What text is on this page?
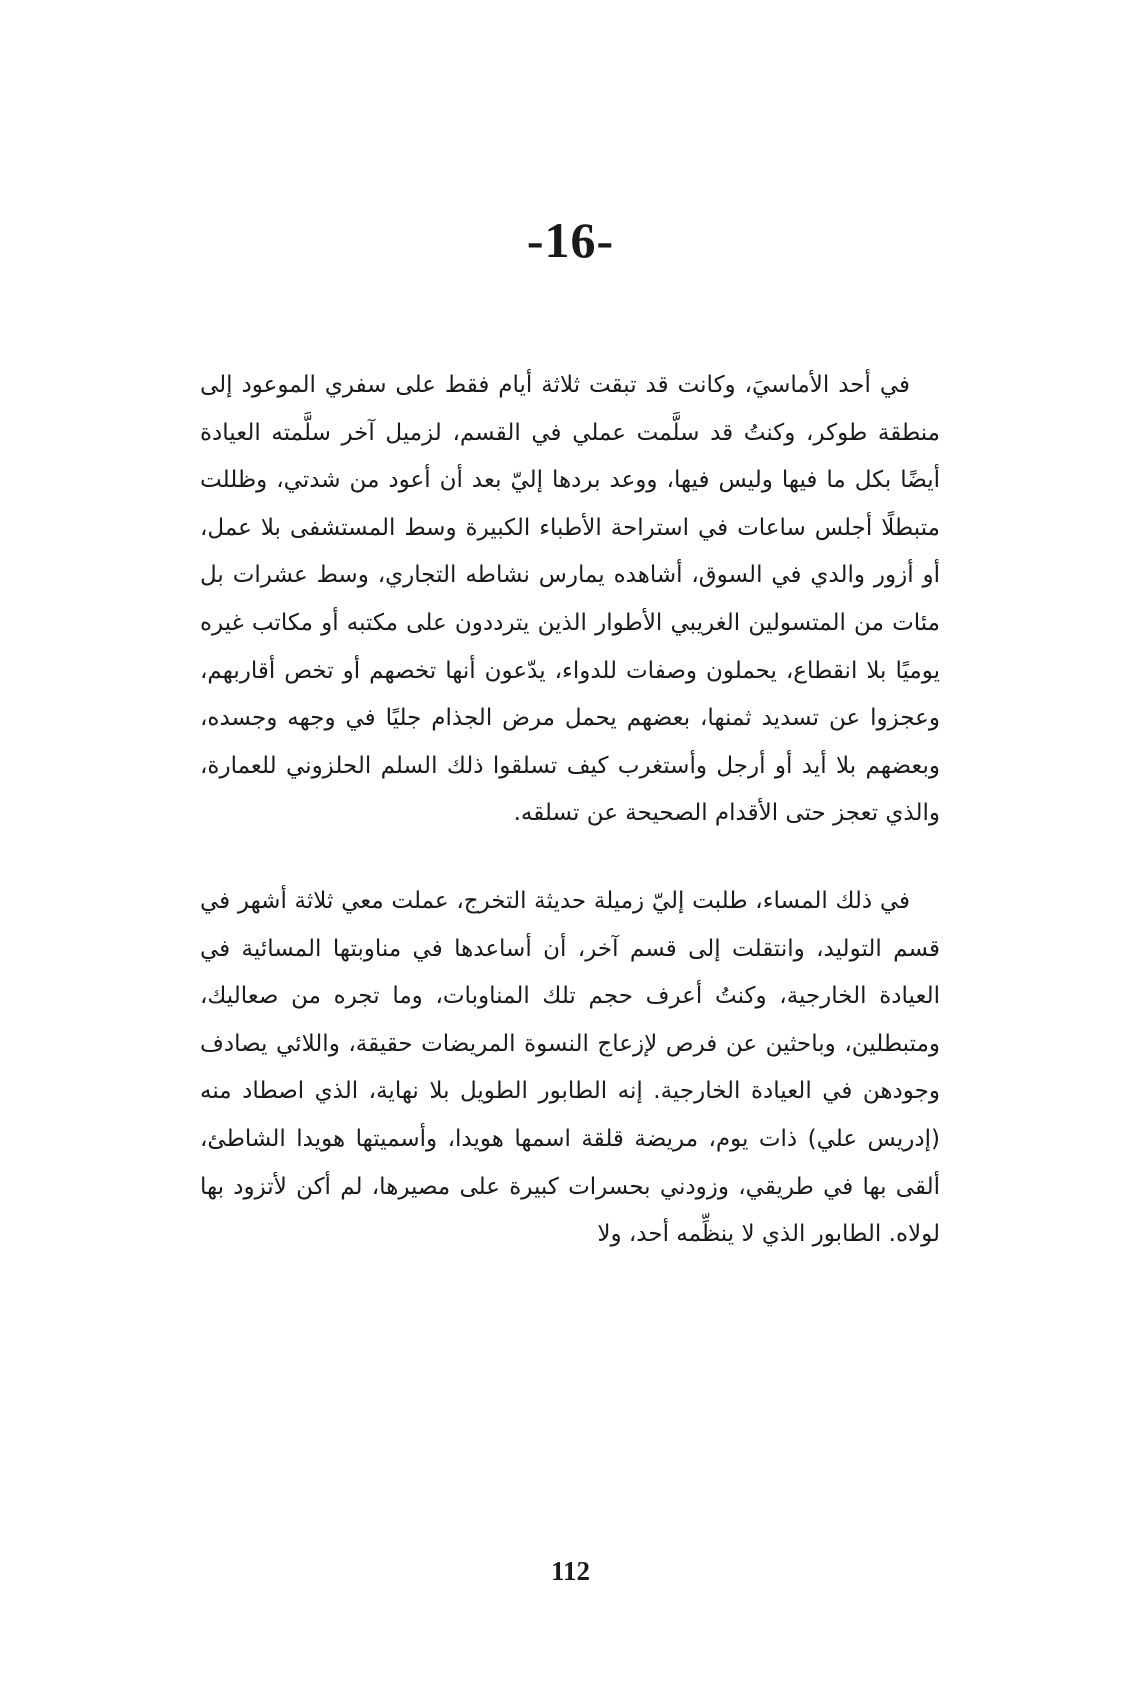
-16-

في أحد الأماسيَ، وكانت قد تبقت ثلاثة أيام فقط على سفري الموعود إلى منطقة طوكر، وكنتُ قد سلَّمت عملي في القسم، لزميل آخر سلَّمته العيادة أيضًا بكل ما فيها وليس فيها، ووعد بردها إليّ بعد أن أعود من شدتي، وظللت متبطلًا أجلس ساعات في استراحة الأطباء الكبيرة وسط المستشفى بلا عمل، أو أزور والدي في السوق، أشاهده يمارس نشاطه التجاري، وسط عشرات بل مئات من المتسولين الغريبي الأطوار الذين يترددون على مكتبه أو مكاتب غيره يوميًا بلا انقطاع، يحملون وصفات للدواء، يدّعون أنها تخصهم أو تخص أقاربهم، وعجزوا عن تسديد ثمنها، بعضهم يحمل مرض الجذام جليًا في وجهه وجسده، وبعضهم بلا أيد أو أرجل وأستغرب كيف تسلقوا ذلك السلم الحلزوني للعمارة، والذي تعجز حتى الأقدام الصحيحة عن تسلقه.

في ذلك المساء، طلبت إليّ زميلة حديثة التخرج، عملت معي ثلاثة أشهر في قسم التوليد، وانتقلت إلى قسم آخر، أن أساعدها في مناوبتها المسائية في العيادة الخارجية، وكنتُ أعرف حجم تلك المناوبات، وما تجره من صعاليك، ومتبطلين، وباحثين عن فرص لإزعاج النسوة المريضات حقيقة، واللائي يصادف وجودهن في العيادة الخارجية. إنه الطابور الطويل بلا نهاية، الذي اصطاد منه (إدريس علي) ذات يوم، مريضة قلقة اسمها هويدا، وأسميتها هويدا الشاطئ، ألقى بها في طريقي، وزودني بحسرات كبيرة على مصيرها، لم أكن لأتزود بها لولاه. الطابور الذي لا ينظِّمه أحد، ولا

112
